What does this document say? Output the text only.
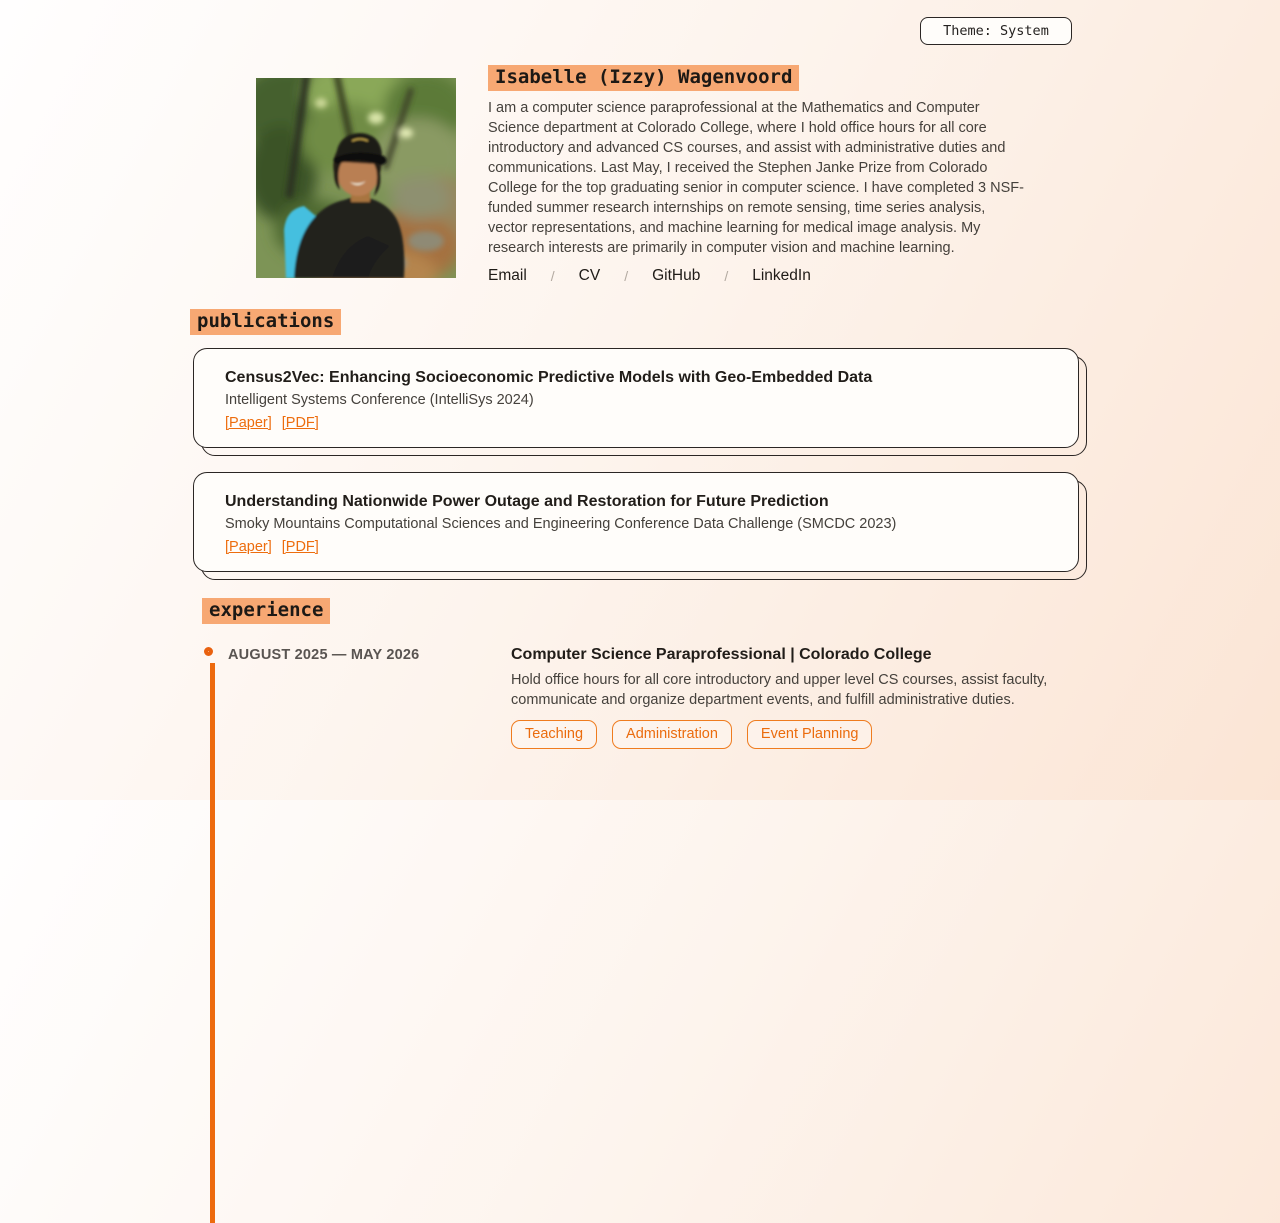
Theme: System
Isabelle (Izzy) Wagenvoord

I am a computer science paraprofessional at the Mathematics and Computer Science department at Colorado College, where I hold office hours for all core introductory and advanced CS courses, and assist with administrative duties and communications. Last May, I received the Stephen Janke Prize from Colorado College for the top graduating senior in computer science. I have completed 3 NSF-funded summer research internships on remote sensing, time series analysis, vector representations, and machine learning for medical image analysis. My research interests are primarily in computer vision and machine learning.

Email / CV / GitHub / LinkedIn
publications
Census2Vec: Enhancing Socioeconomic Predictive Models with Geo-Embedded Data
Intelligent Systems Conference (IntelliSys 2024)
[Paper] [PDF]
Understanding Nationwide Power Outage and Restoration for Future Prediction
Smoky Mountains Computational Sciences and Engineering Conference Data Challenge (SMCDC 2023)
[Paper] [PDF]
experience
AUGUST 2025 — MAY 2026	Computer Science Paraprofessional | Colorado College
Hold office hours for all core introductory and upper level CS courses, assist faculty, communicate and organize department events, and fulfill administrative duties.
Teaching	Administration	Event Planning
